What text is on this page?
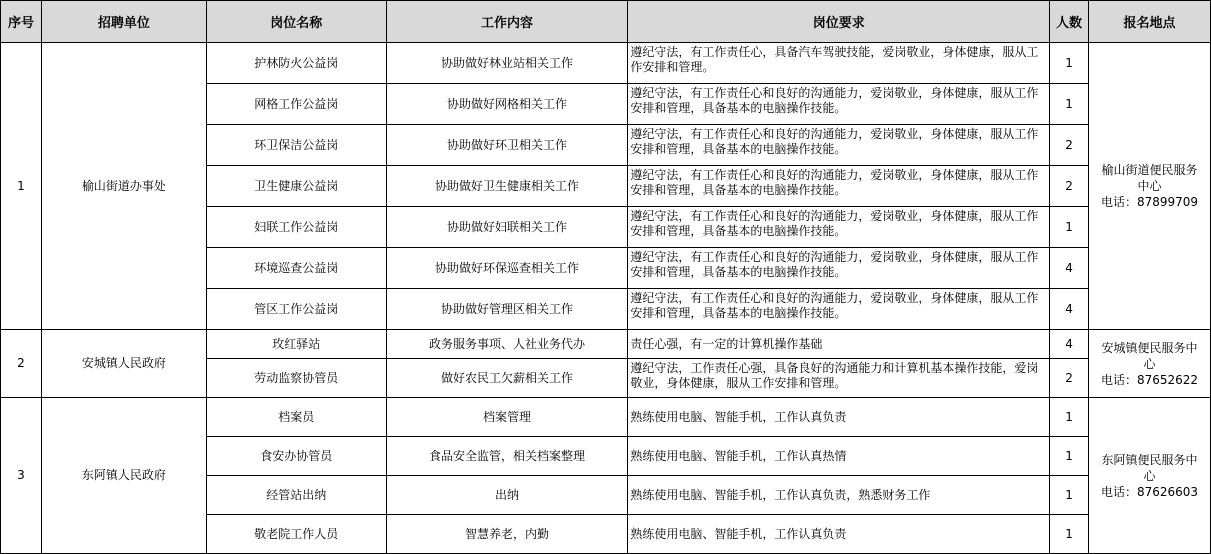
序号	招聘单位	岗位名称	工作内容	岗位要求	人数	报名地点
1	榆山街道办事处	护林防火公益岗	协助做好林业站相关工作	遵纪守法，有工作责任心，具备汽车驾驶技能，爱岗敬业，身体健康，服从工作安排和管理。	1	榆山街道便民服务
中心
电话：87899709

		网格工作公益岗	协助做好网格相关工作	遵纪守法，有工作责任心和良好的沟通能力，爱岗敬业，身体健康，服从工作安排和管理，具备基本的电脑操作技能。	1	
		环卫保洁公益岗	协助做好环卫相关工作	遵纪守法，有工作责任心和良好的沟通能力，爱岗敬业，身体健康，服从工作安排和管理，具备基本的电脑操作技能。	2	
		卫生健康公益岗	协助做好卫生健康相关工作	遵纪守法，有工作责任心和良好的沟通能力，爱岗敬业，身体健康，服从工作安排和管理，具备基本的电脑操作技能。	2	
		妇联工作公益岗	协助做好妇联相关工作	遵纪守法，有工作责任心和良好的沟通能力，爱岗敬业，身体健康，服从工作安排和管理，具备基本的电脑操作技能。	1	
		环境巡查公益岗	协助做好环保巡查相关工作	遵纪守法，有工作责任心和良好的沟通能力，爱岗敬业，身体健康，服从工作安排和管理，具备基本的电脑操作技能。	4	
		管区工作公益岗	协助做好管理区相关工作	遵纪守法，有工作责任心和良好的沟通能力，爱岗敬业，身体健康，服从工作安排和管理，具备基本的电脑操作技能。	4	
2	安城镇人民政府	玫红驿站	政务服务事项、人社业务代办	责任心强，有一定的计算机操作基础	4	安城镇便民服务中
心
电话：87652622

		劳动监察协管员	做好农民工欠薪相关工作	遵纪守法，工作责任心强，具备良好的沟通能力和计算机基本操作技能，爱岗敬业，身体健康，服从工作安排和管理。	2	
3	东阿镇人民政府	档案员	档案管理	熟练使用电脑、智能手机，工作认真负责	1	东阿镇便民服务中
心
电话：87626603

		食安办协管员	食品安全监管，相关档案整理	熟练使用电脑、智能手机，工作认真热情	1	
		经管站出纳	出纳	熟练使用电脑、智能手机，工作认真负责，熟悉财务工作	1	
		敬老院工作人员	智慧养老，内勤	熟练使用电脑、智能手机，工作认真负责	1	
